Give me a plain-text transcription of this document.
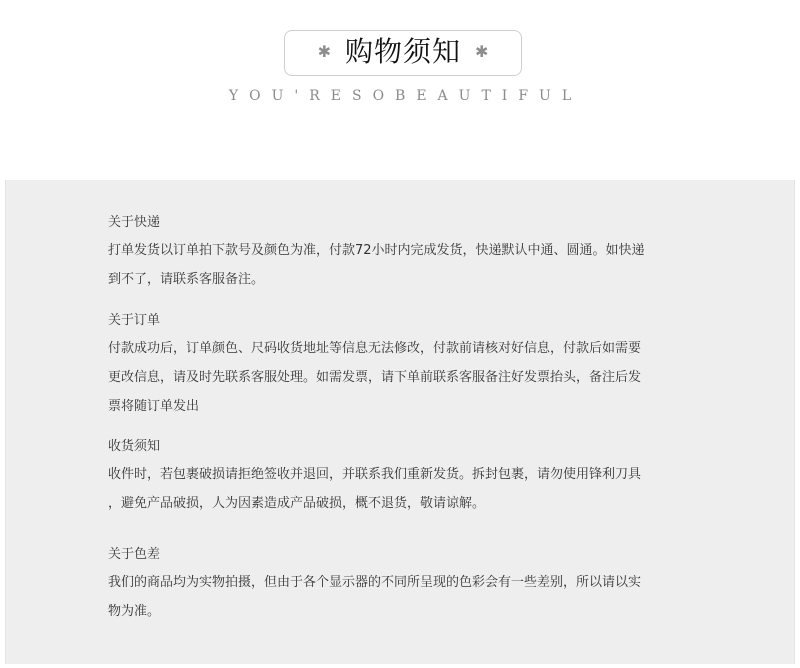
✱ 购物须知 ✱
YOU'RESOBEAUTIFUL
关于快递
打单发货以订单拍下款号及颜色为准，付款72小时内完成发货，快递默认中通、圆通。如快递
到不了，请联系客服备注。
关于订单
付款成功后，订单颜色、尺码收货地址等信息无法修改，付款前请核对好信息，付款后如需要
更改信息，请及时先联系客服处理。如需发票，请下单前联系客服备注好发票抬头，备注后发
票将随订单发出
收货须知
收件时，若包裹破损请拒绝签收并退回，并联系我们重新发货。拆封包裹，请勿使用锋利刀具
，避免产品破损，人为因素造成产品破损，概不退货，敬请谅解。
关于色差
我们的商品均为实物拍摄，但由于各个显示器的不同所呈现的色彩会有一些差别，所以请以实
物为准。
